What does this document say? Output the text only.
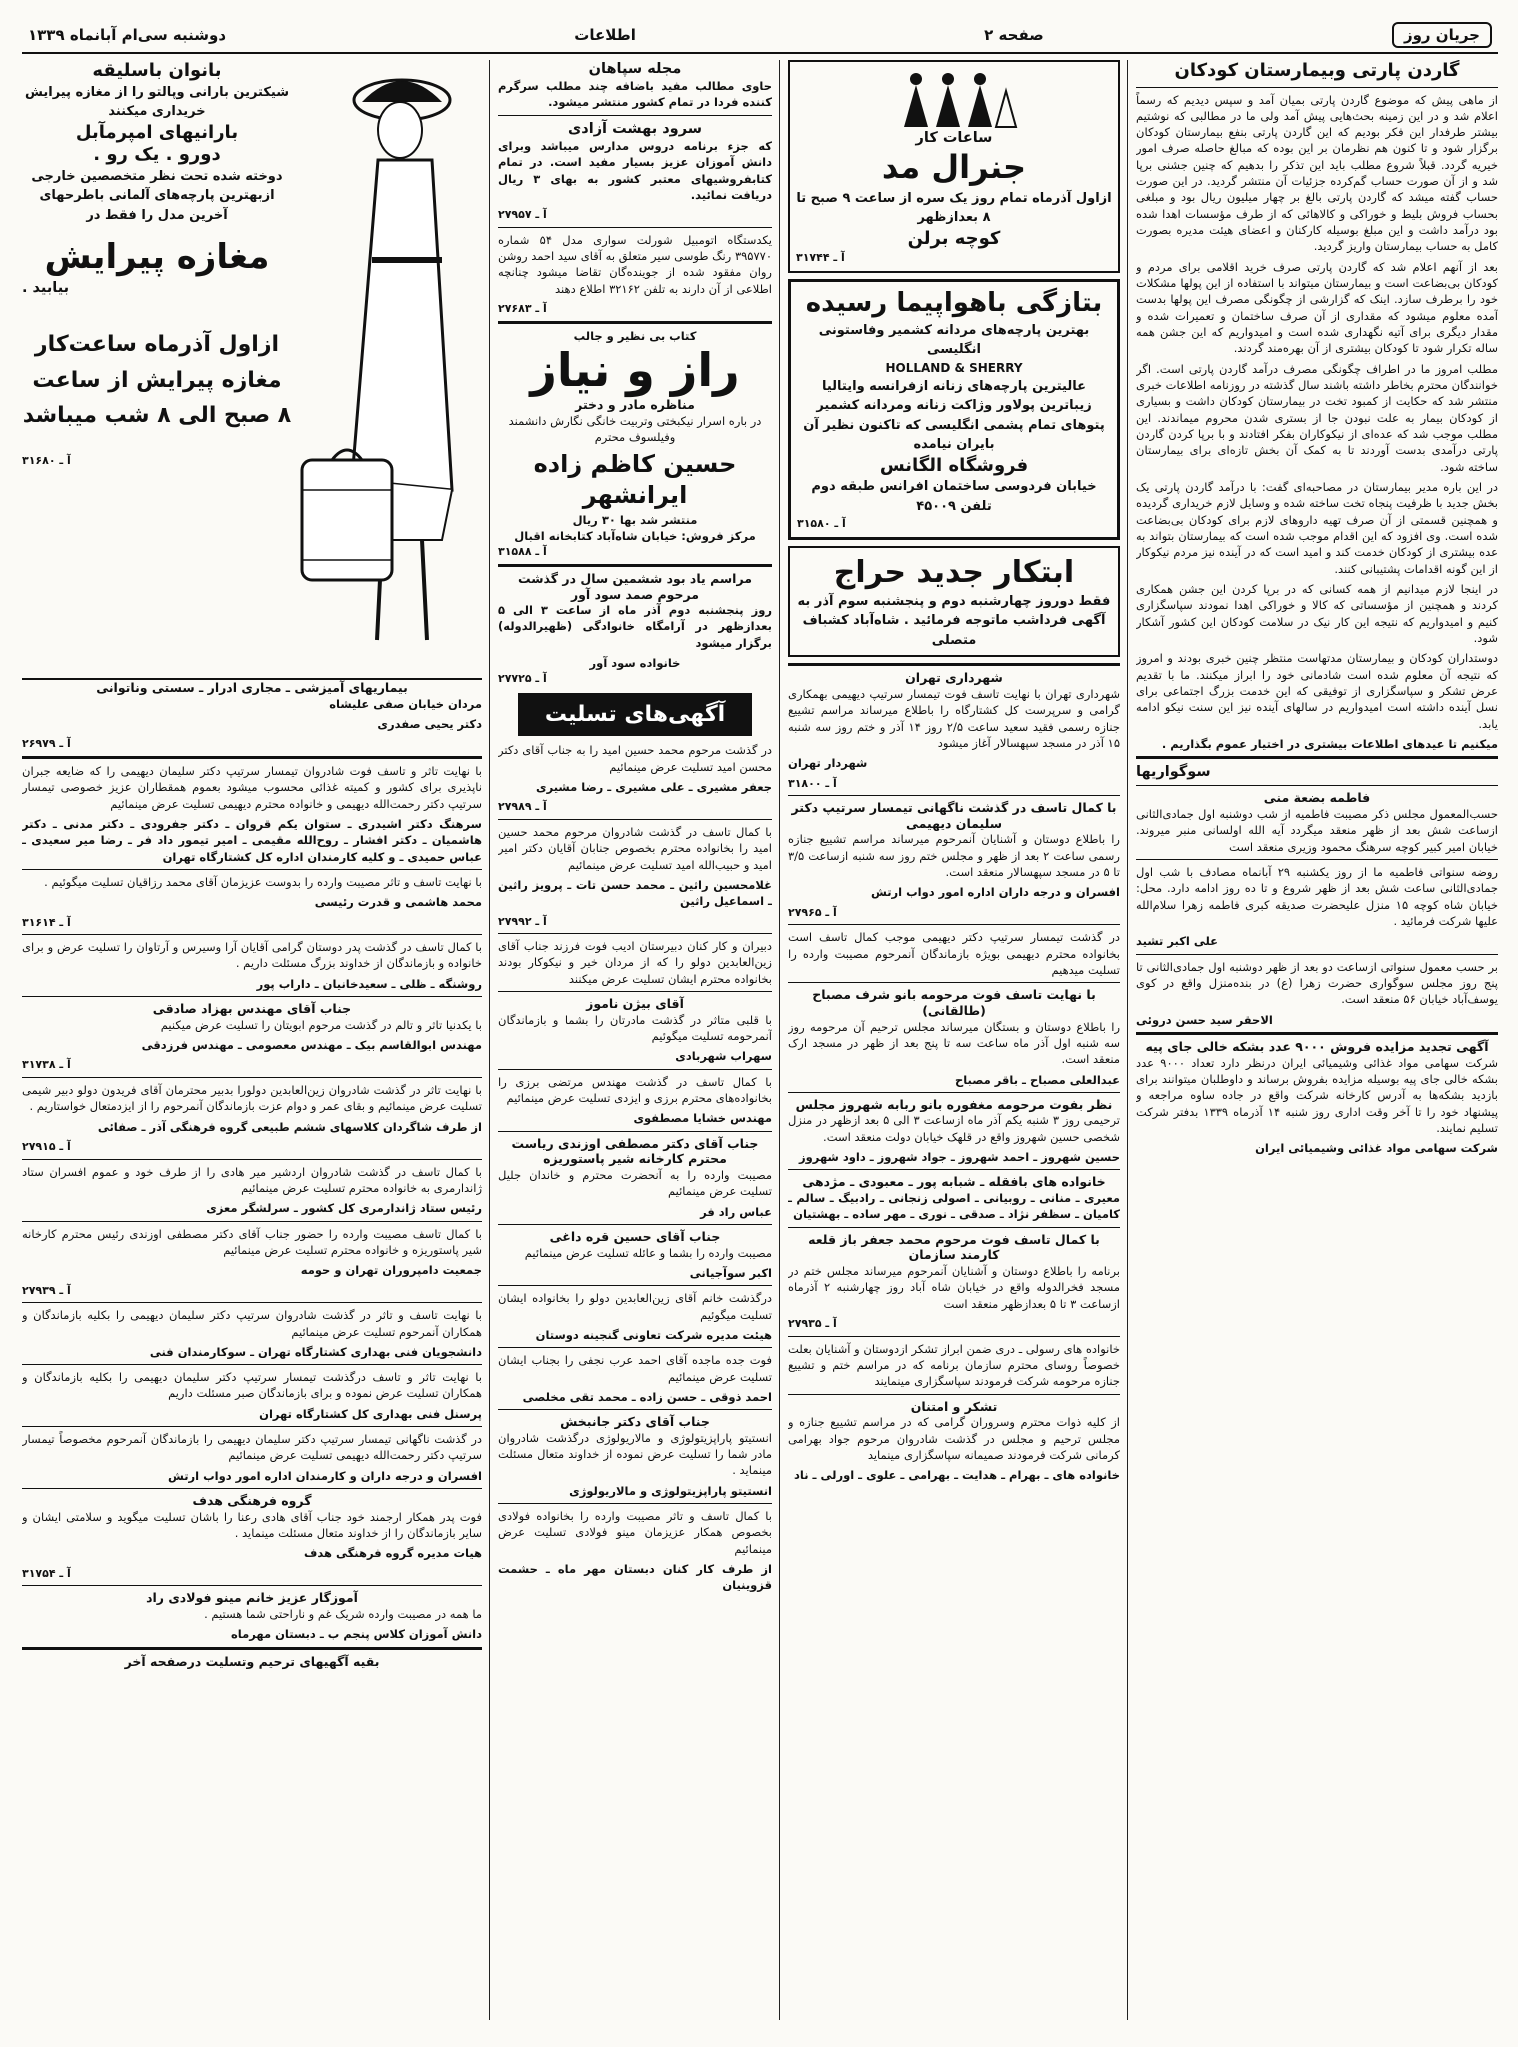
جریان روز
صفحه ۲
اطلاعات
دوشنبه سی‌ام آبانماه ۱۳۳۹
گاردن پارتی وبیمارستان کودکان
از ماهی پیش که موضوع گاردن پارتی بمیان آمد و سپس دیدیم که رسماً اعلام شد و در این زمینه بحث‌هایی پیش آمد ولی ما در مطالبی که نوشتیم بیشتر طرفدار این فکر بودیم که این گاردن پارتی بنفع بیمارستان کودکان برگزار شود و تا کنون هم نظرمان بر این بوده که مبالغ حاصله صرف امور خیریه گردد. قبلاً شروع مطلب باید این تذکر را بدهیم که چنین جشنی برپا شد و از آن صورت حساب گم‌کرده جزئیات آن منتشر گردید. در این صورت حساب گفته میشد که گاردن پارتی بالغ بر چهار میلیون ریال بود و مبلغی بحساب فروش بلیط و خوراکی و کالاهائی که از طرف مؤسسات اهدا شده بود درآمد داشت و این مبلغ بوسیله کارکنان و اعضای هیئت مدیره بصورت کامل به حساب بیمارستان واریز گردید.
بعد از آنهم اعلام شد که گاردن پارتی صرف خرید اقلامی برای مردم و کودکان بی‌بضاعت است و بیمارستان میتواند با استفاده از این پولها مشکلات خود را برطرف سازد. اینک که گزارشی از چگونگی مصرف این پولها بدست آمده معلوم میشود که مقداری از آن صرف ساختمان و تعمیرات شده و مقدار دیگری برای آتیه نگهداری شده است و امیدواریم که این جشن همه ساله تکرار شود تا کودکان بیشتری از آن بهره‌مند گردند.
مطلب امروز ما در اطراف چگونگی مصرف درآمد گاردن پارتی است. اگر خوانندگان محترم بخاطر داشته باشند سال گذشته در روزنامه اطلاعات خبری منتشر شد که حکایت از کمبود تخت در بیمارستان کودکان داشت و بسیاری از کودکان بیمار به علت نبودن جا از بستری شدن محروم میماندند. این مطلب موجب شد که عده‌ای از نیکوکاران بفکر افتادند و با برپا کردن گاردن پارتی درآمدی بدست آوردند تا به کمک آن بخش تازه‌ای برای بیمارستان ساخته شود.
در این باره مدیر بیمارستان در مصاحبه‌ای گفت: با درآمد گاردن پارتی یک بخش جدید با ظرفیت پنجاه تخت ساخته شده و وسایل لازم خریداری گردیده و همچنین قسمتی از آن صرف تهیه داروهای لازم برای کودکان بی‌بضاعت شده است. وی افزود که این اقدام موجب شده است که بیمارستان بتواند به عده بیشتری از کودکان خدمت کند و امید است که در آینده نیز مردم نیکوکار از این گونه اقدامات پشتیبانی کنند.
در اینجا لازم میدانیم از همه کسانی که در برپا کردن این جشن همکاری کردند و همچنین از مؤسساتی که کالا و خوراکی اهدا نمودند سپاسگزاری کنیم و امیدواریم که نتیجه این کار نیک در سلامت کودکان این کشور آشکار شود.
دوستداران کودکان و بیمارستان مدتهاست منتظر چنین خبری بودند و امروز که نتیجه آن معلوم شده است شادمانی خود را ابراز میکنند. ما با تقدیم عرض تشکر و سپاسگزاری از توفیقی که این خدمت بزرگ اجتماعی برای نسل آینده داشته است امیدواریم در سالهای آینده نیز این سنت نیکو ادامه یابد.
میکنیم تا عیدهای اطلاعات بیشتری در اختیار عموم بگذاریم .
سوگواریها
فاطمه بضعة منی
حسب‌المعمول مجلس ذکر مصیبت فاطمیه از شب دوشنبه اول جمادی‌الثانی ازساعت شش بعد از ظهر منعقد میگردد آیه الله اولسانی منبر میروند. خیابان امیر کبیر کوچه سرهنگ محمود وزیری منعقد است
روضه سنواتی فاطمیه ما از روز یکشنبه ۲۹ آبانماه مصادف با شب اول جمادی‌الثانی ساعت شش بعد از ظهر شروع و تا ده روز ادامه دارد. محل: خیابان شاه کوچه ۱۵ منزل علیحضرت صدیقه کبری فاطمه زهرا سلام‌الله علیها شرکت فرمائید .
علی اکبر تشید
بر حسب معمول سنواتی ازساعت دو بعد از ظهر دوشنبه اول جمادی‌الثانی تا پنج روز مجلس سوگواری حضرت زهرا (ع) در بنده‌منزل واقع در کوی یوسف‌آباد خیابان ۵۶ منعقد است.
الاحقر سید حسن دروئی
آگهی تجدید مزایده فروش ۹۰۰۰ عدد بشکه خالی جای پیه
شرکت سهامی مواد غذائی وشیمیائی ایران درنظر دارد تعداد ۹۰۰۰ عدد بشکه خالی جای پیه بوسیله مزایده بفروش برساند و داوطلبان میتوانند برای بازدید بشکه‌ها به آدرس کارخانه شرکت واقع در جاده ساوه مراجعه و پیشنهاد خود را تا آخر وقت اداری روز شنبه ۱۴ آذرماه ۱۳۳۹ بدفتر شرکت تسلیم نمایند.
شرکت سهامی مواد غذائی وشیمیائی ایران
ساعات کار
جنرال مد
ازاول آذرماه تمام روز یک سره از ساعت ۹ صبح تا ۸ بعدازظهر
کوچه برلن
آ ـ ۳۱۷۴۴
بتازگی باهواپیما رسیده
بهترین پارچه‌های مردانه کشمیر وفاستونی انگلیسی
HOLLAND & SHERRY
عالیترین پارچه‌های زنانه ازفرانسه وایتالیا
زیباترین پولاور وژاکت زنانه ومردانه کشمیر
پتوهای تمام پشمی انگلیسی که تاکنون نظیر آن بایران نیامده
فروشگاه الگانس
خیابان فردوسی ساختمان افرانس طبقه دوم تلفن ۴۵۰۰۹
آ ـ ۳۱۵۸۰
ابتکار جدید حراج
فقط دوروز چهارشنبه دوم و پنجشنبه سوم آذر به آگهی فرداشب ماتوجه فرمائید . شاه‌آباد کشباف متصلی
شهرداری تهران
شهرداری تهران با نهایت تاسف فوت تیمسار سرتیپ دیهیمی بهمکاری گرامی و سرپرست کل کشتارگاه را باطلاع میرساند مراسم تشییع جنازه رسمی فقید سعید ساعت ۲/۵ روز ۱۴ آذر و ختم روز سه شنبه ۱۵ آذر در مسجد سپهسالار آغاز میشود
شهردار تهران
آ ـ ۳۱۸۰۰
با کمال تاسف در گذشت ناگهانی تیمسار سرتیپ دکتر سلیمان دیهیمی
را باطلاع دوستان و آشنایان آنمرحوم میرساند مراسم تشییع جنازه رسمی ساعت ۲ بعد از ظهر و مجلس ختم روز سه شنبه ازساعت ۳/۵ تا ۵ در مسجد سپهسالار منعقد است.
افسران و درجه داران اداره امور دواب ارتش
آ ـ ۲۷۹۶۵
در گذشت تیمسار سرتیپ دکتر دیهیمی موجب کمال تاسف است بخانواده محترم دیهیمی بویژه بازماندگان آنمرحوم مصیبت وارده را تسلیت میدهیم
با نهایت تاسف فوت مرحومه بانو شرف مصباح (طالقانی)
را باطلاع دوستان و بستگان میرساند مجلس ترحیم آن مرحومه روز سه شنبه اول آذر ماه ساعت سه تا پنج بعد از ظهر در مسجد ارک منعقد است.
عبدالعلی مصباح ـ باقر مصباح
نظر بفوت مرحومه مغفوره بانو ربابه شهروز مجلس
ترحیمی روز ۳ شنبه یکم آذر ماه ازساعت ۳ الی ۵ بعد ازظهر در منزل شخصی حسین شهروز واقع در قلهک خیابان دولت منعقد است.
حسین شهروز ـ احمد شهروز ـ جواد شهروز ـ داود شهروز
خانواده های بافقله ـ شبابه پور ـ معبودی ـ مژدهی
معیری ـ منانی ـ روبیانی ـ اصولی زنجانی ـ رادبیگ ـ سالم ـ کامیان ـ سظفر نژاد ـ صدقی ـ نوری ـ مهر ساده ـ بهشتیان
با کمال تاسف فوت مرحوم محمد جعفر باز قلعه کارمند سازمان
برنامه را باطلاع دوستان و آشنایان آنمرحوم میرساند مجلس ختم در مسجد فخرالدوله واقع در خیابان شاه آباد روز چهارشنبه ۲ آذرماه ازساعت ۳ تا ۵ بعدازظهر منعقد است
آ ـ ۲۷۹۳۵
خانواده های رسولی ـ دری ضمن ابراز تشکر ازدوستان و آشنایان بعلت خصوصاً روسای محترم سازمان برنامه که در مراسم ختم و تشییع جنازه مرحومه شرکت فرمودند سپاسگزاری مینمایند
تشکر و امتنان
از کلیه ذوات محترم وسروران گرامی که در مراسم تشییع جنازه و مجلس ترحیم و مجلس در گذشت شادروان مرحوم جواد بهرامی کرمانی شرکت فرمودند صمیمانه سپاسگزاری مینماید
خانواده های ـ بهرام ـ هدایت ـ بهرامی ـ علوی ـ اورلی ـ ناد
مجله سپاهان
حاوی مطالب مفید باضافه چند مطلب سرگرم کننده فردا در تمام کشور منتشر میشود.
سرود بهشت آزادی
که جزء برنامه دروس مدارس میباشد وبرای دانش آموزان عزیز بسیار مفید است. در تمام کتابفروشیهای معتبر کشور به بهای ۳ ریال دریافت نمائید.
آ ـ ۲۷۹۵۷
یکدستگاه اتومبیل شورلت سواری مدل ۵۴ شماره ۳۹۵۷۷۰ رنگ طوسی سیر متعلق به آقای سید احمد روشن روان مفقود شده از جوینده‌گان تقاضا میشود چنانچه اطلاعی از آن دارند به تلفن ۳۲۱۶۲ اطلاع دهند
آ ـ ۲۷۶۸۳
کتاب بی نظیر و جالب
راز و نیاز
مناظره مادر و دختر
در باره اسرار نیکبختی وتربیت خانگی نگارش دانشمند وفیلسوف محترم
حسین کاظم زاده ایرانشهر
منتشر شد بها ۳۰ ریال
مرکز فروش: خیابان شاه‌آباد کتابخانه اقبال
آ ـ ۳۱۵۸۸
مراسم یاد بود ششمین سال در گذشت مرحوم صمد سود آور
روز پنجشنبه دوم آذر ماه از ساعت ۳ الی ۵ بعدازظهر در آرامگاه خانوادگی (ظهیرالدوله) برگزار میشود
خانواده سود آور
آ ـ ۲۷۷۲۵
آگهی‌های تسلیت
در گذشت مرحوم محمد حسین امید را به جناب آقای دکتر محسن امید تسلیت عرض مینمائیم
جعفر مشیری ـ علی مشیری ـ رضا مشیری
آ ـ ۲۷۹۸۹
با کمال تاسف در گذشت شادروان مرحوم محمد حسین امید را بخانواده محترم بخصوص جنابان آقایان دکتر امیر امید و حبیب‌الله امید تسلیت عرض مینمائیم
غلامحسین راثین ـ محمد حسن تات ـ پرویز راثین ـ اسماعیل راثین
آ ـ ۲۷۹۹۲
دبیران و کار کنان دبیرستان ادیب فوت فرزند جناب آقای زین‌العابدین دولو را که از مردان خیر و نیکوکار بودند بخانواده محترم ایشان تسلیت عرض میکنند
آقای بیژن ناموز
با قلبی متاثر در گذشت مادرتان را بشما و بازماندگان آنمرحومه تسلیت میگوئیم
سهراب شهربادی
با کمال تاسف در گذشت مهندس مرتضی برزی را بخانواده‌های محترم برزی و ایزدی تسلیت عرض مینمائیم
مهندس خشایا مصطفوی
جناب آقای دکتر مصطفی اوزندی ریاست محترم کارخانه شیر پاستوریزه
مصیبت وارده را به آنحضرت محترم و خاندان جلیل تسلیت عرض مینمائیم
عباس راد فر
جناب آقای حسین قره داغی
مصیبت وارده را بشما و عائله تسلیت عرض مینمائیم
اکبر سوآجیانی
درگذشت خانم آقای زین‌العابدین دولو را بخانواده ایشان تسلیت میگوئیم
هیئت مدیره شرکت تعاونی گنجینه دوستان
فوت جده ماجده آقای احمد عرب نجفی را بجناب ایشان تسلیت عرض مینمائیم
احمد ذوقی ـ حسن زاده ـ محمد تقی مخلصی
جناب آقای دکتر جانبخش
انستیتو پاراپزیتولوژی و مالاریولوژی درگذشت شادروان مادر شما را تسلیت عرض نموده از خداوند متعال مسئلت مینماید .
انستیتو پاراپزیتولوژی و مالاریولوژی
با کمال تاسف و تاثر مصیبت وارده را بخانواده فولادی بخصوص همکار عزیزمان مینو فولادی تسلیت عرض مینمائیم
از طرف کار کنان دبستان مهر ماه ـ حشمت قزوینیان
بانوان باسلیقه
شیکترین بارانی وپالتو را از مغازه پیرایش خریداری میکنند
بارانیهای امپرمآبل
دورو . یک رو .
دوخته شده تحت نظر متخصصین خارجی ازبهترین پارچه‌های آلمانی باطرحهای آخرین مدل را فقط در
مغازه پیرایش
بیابید .
ازاول آذرماه ساعت‌کار مغازه پیرایش از ساعت ۸ صبح الی ۸ شب میباشد
آ ـ ۳۱۶۸۰
بیماریهای آمیزشی ـ مجاری ادرار ـ سستی وناتوانی
مردان خیابان صفی علیشاه
دکتر یحیی صفدری
آ ـ ۲۶۹۷۹
با نهایت تاثر و تاسف فوت شادروان تیمسار سرتیپ دکتر سلیمان دیهیمی را که ضایعه جبران ناپذیری برای کشور و کمیته غذائی محسوب میشود بعموم همقطاران عزیز خصوصی تیمسار سرتیپ دکتر رحمت‌الله دیهیمی و خانواده محترم دیهیمی تسلیت عرض مینمائیم
سرهنگ دکتر اشیدری ـ ستوان یکم قروان ـ دکتر جفرودی ـ دکتر مدنی ـ دکتر هاشمیان ـ دکتر افشار ـ روح‌الله مقیمی ـ امیر تیمور داد فر ـ رضا میر سعیدی ـ عباس حمیدی ـ و کلیه کارمندان اداره کل کشتارگاه تهران
با نهایت تاسف و تاثر مصیبت وارده را بدوست عزیزمان آقای محمد رزاقیان تسلیت میگوئیم .
محمد هاشمی و قدرت رئیسی
آ ـ ۳۱۶۱۴
با کمال تاسف در گذشت پدر دوستان گرامی آقایان آرا وسیرس و آرتاوان را تسلیت عرض و برای خانواده و بازماندگان از خداوند بزرگ مسئلت داریم .
روشنگه ـ ظلی ـ سعیدخانیان ـ داراب پور
جناب آقای مهندس بهزاد صادقی
با یکدنیا تاثر و تالم در گذشت مرحوم ابویتان را تسلیت عرض میکنیم
مهندس ابوالقاسم بیک ـ مهندس معصومی ـ مهندس فرزدقی
آ ـ ۳۱۷۳۸
با نهایت تاثر در گذشت شادروان زین‌العابدین دولورا بدبیر محترمان آقای فریدون دولو دبیر شیمی تسلیت عرض مینمائیم و بقای عمر و دوام عزت بازماندگان آنمرحوم را از ایزدمتعال خواستاریم .
از طرف شاگردان کلاسهای ششم طبیعی گروه فرهنگی آذر ـ صفائی
آ ـ ۲۷۹۱۵
با کمال تاسف در گذشت شادروان اردشیر میر هادی را از طرف خود و عموم افسران ستاد ژاندارمری به خانواده محترم تسلیت عرض مینمائیم
رئیس ستاد ژاندارمری کل کشور ـ سرلشگر معزی
با کمال تاسف مصیبت وارده را حضور جناب آقای دکتر مصطفی اوزندی رئیس محترم کارخانه شیر پاستوریزه و خانواده محترم تسلیت عرض مینمائیم
جمعیت دامپروران تهران و حومه
آ ـ ۲۷۹۳۹
با نهایت تاسف و تاثر در گذشت شادروان سرتیپ دکتر سلیمان دیهیمی را بکلیه بازماندگان و همکاران آنمرحوم تسلیت عرض مینمائیم
دانشجویان فنی بهداری کشتارگاه تهران ـ سوکارمندان فنی
با نهایت تاثر و تاسف درگذشت تیمسار سرتیپ دکتر سلیمان دیهیمی را بکلیه بازماندگان و همکاران تسلیت عرض نموده و برای بازماندگان صبر مسئلت داریم
پرسنل فنی بهداری کل کشتارگاه تهران
در گذشت ناگهانی تیمسار سرتیپ دکتر سلیمان دیهیمی را بازماندگان آنمرحوم مخصوصاً تیمسار سرتیپ دکتر رحمت‌الله دیهیمی تسلیت عرض مینمائیم
افسران و درجه داران و کارمندان اداره امور دواب ارتش
گروه فرهنگی هدف
فوت پدر همکار ارجمند خود جناب آقای هادی رعنا را باشان تسلیت میگوید و سلامتی ایشان و سایر بازماندگان را از خداوند متعال مسئلت مینماید .
هیات مدیره گروه فرهنگی هدف
آ ـ ۳۱۷۵۴
آموزگار عزیز خانم مینو فولادی راد
ما همه در مصیبت وارده شریک غم و ناراحتی شما هستیم .
دانش آموزان کلاس پنجم ب ـ دبستان مهرماه
بقیه آگهیهای ترحیم وتسلیت درصفحه آخر
